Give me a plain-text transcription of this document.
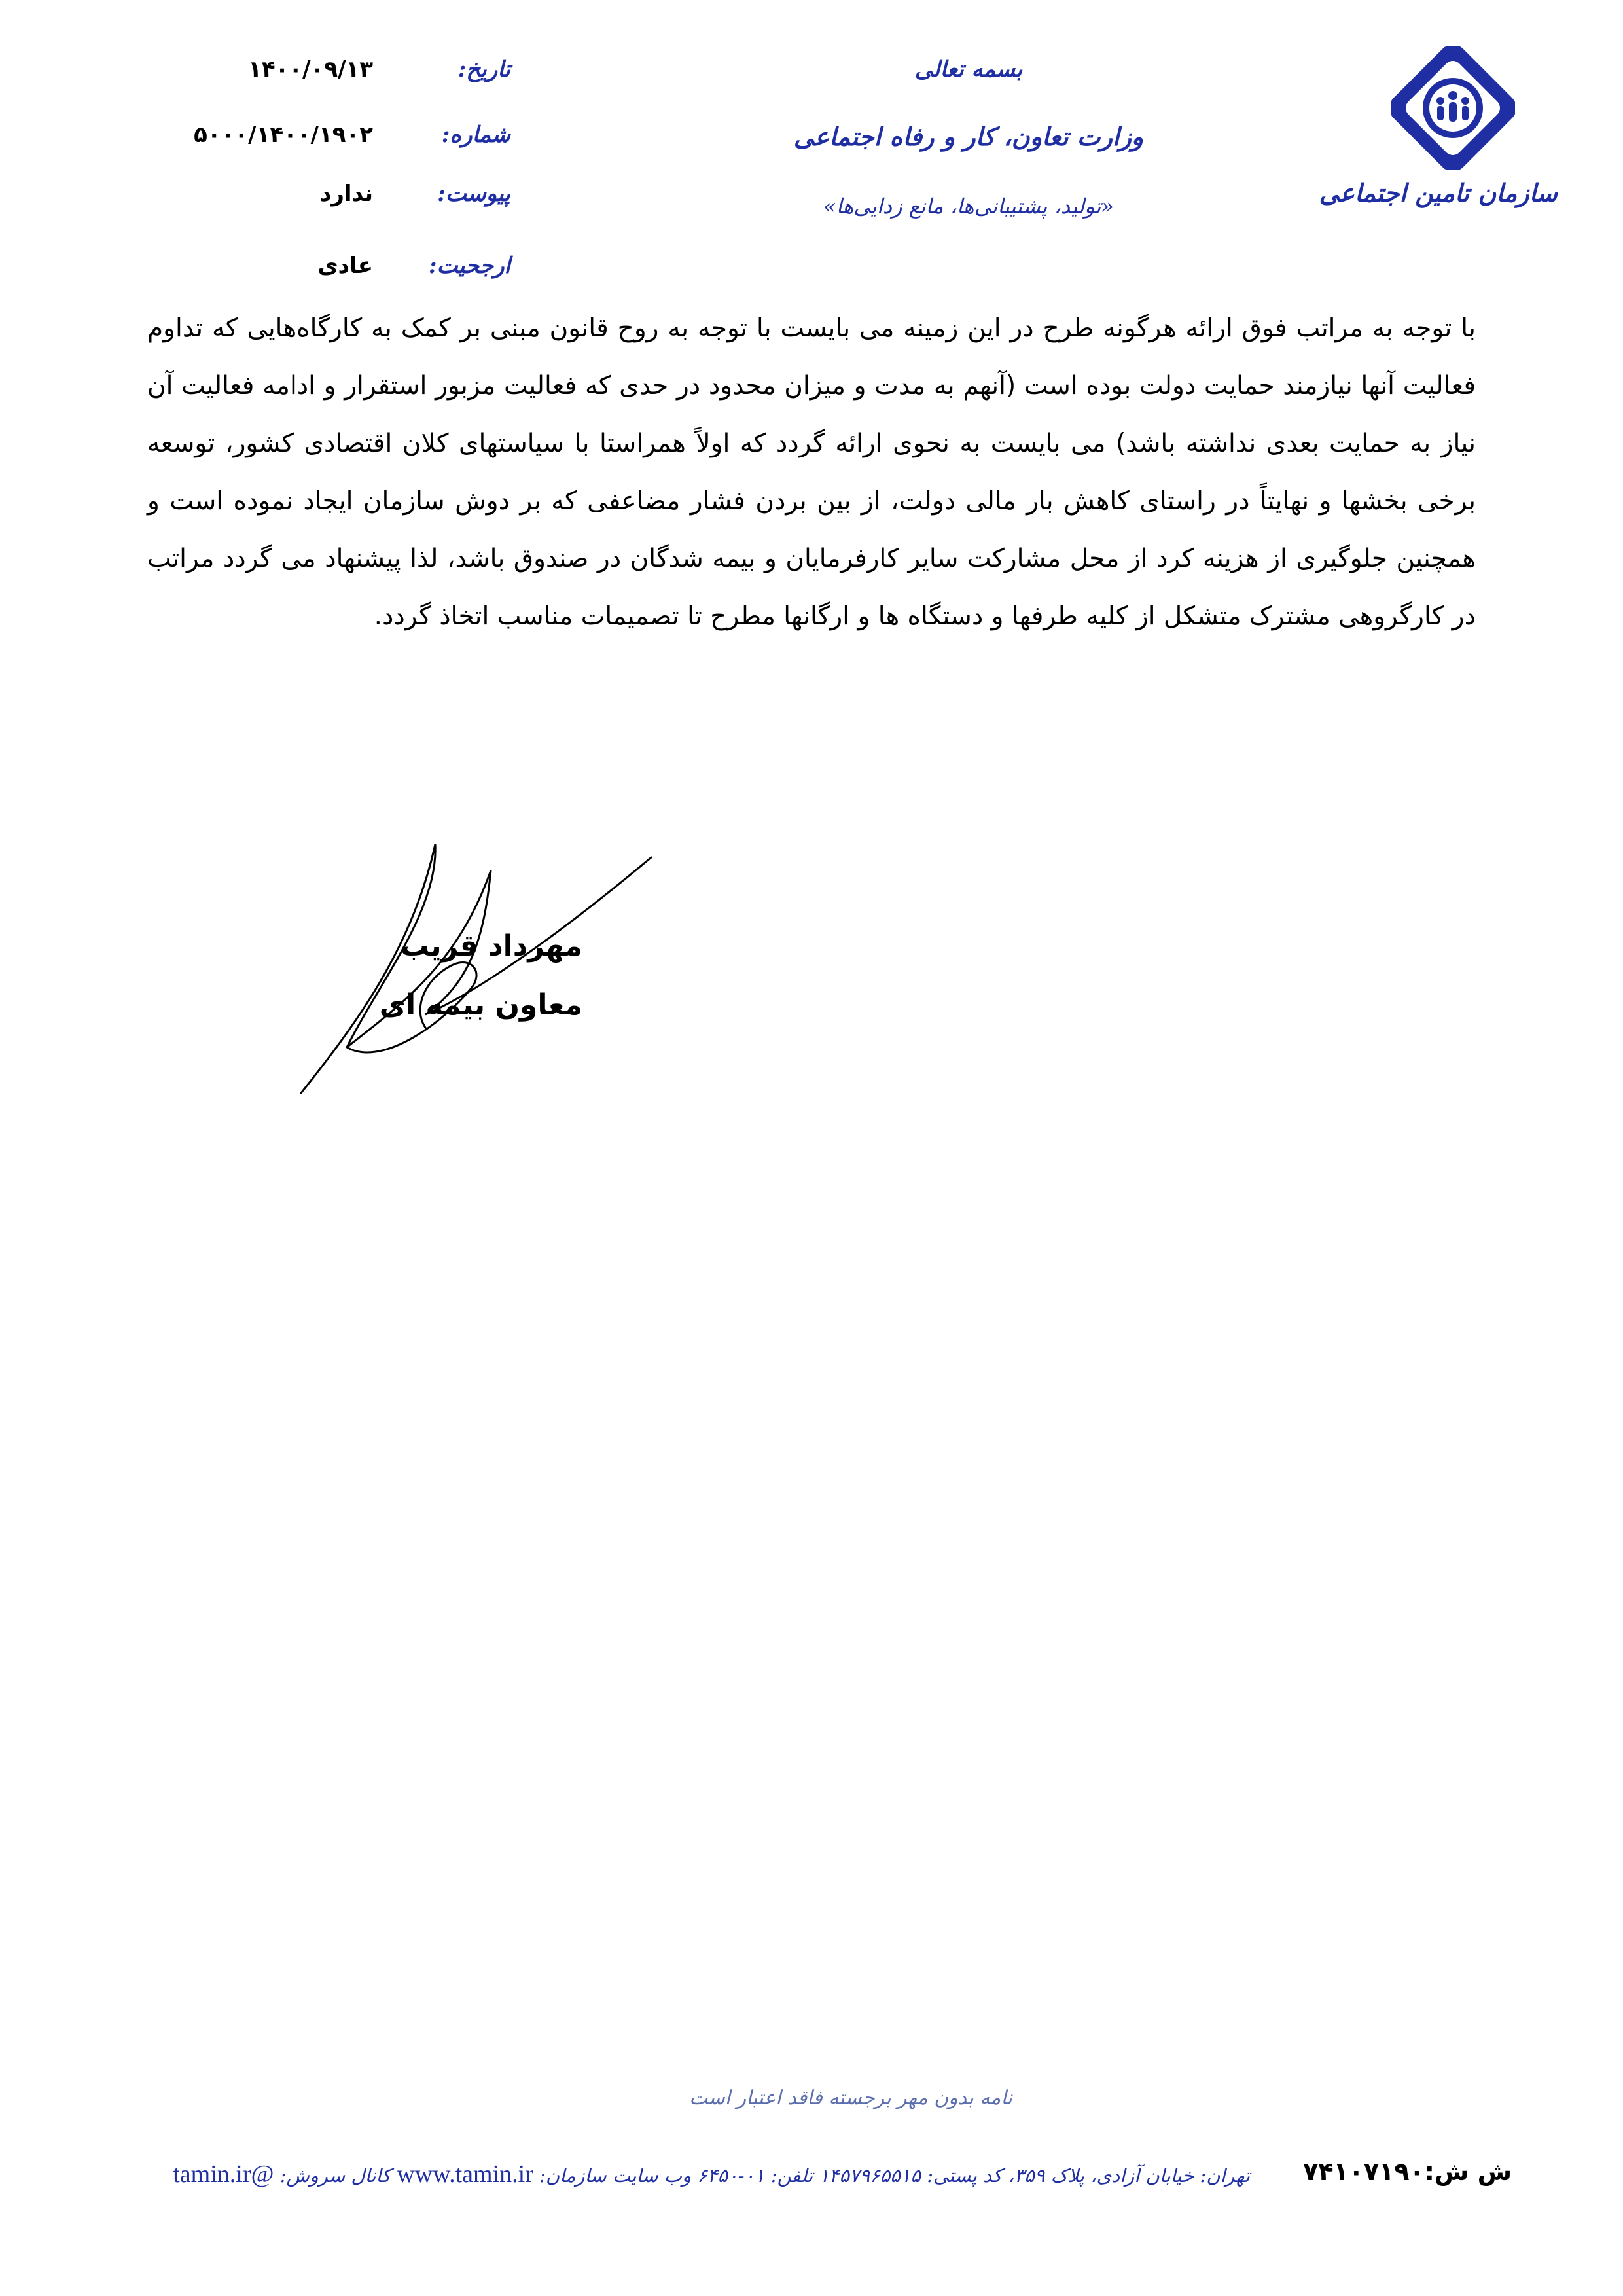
سازمان تامین اجتماعی
بسمه تعالی
وزارت تعاون، کار و رفاه اجتماعی
«تولید، پشتیبانی‌ها، مانع زدایی‌ها»
تاریخ:
۱۴۰۰/۰۹/۱۳
شماره:
۵۰۰۰/۱۴۰۰/۱۹۰۲
پیوست:
ندارد
ارجحیت:
عادی
با توجه به مراتب فوق ارائه هرگونه طرح در این زمینه می بایست با توجه به روح قانون مبنی بر کمک به کارگاه‌هایی که تداوم فعالیت آنها نیازمند حمایت دولت بوده است (آنهم به مدت و میزان محدود در حدی که فعالیت مزبور استقرار و ادامه فعالیت آن نیاز به حمایت بعدی نداشته باشد) می بایست به نحوی ارائه گردد که اولاً همراستا با سیاستهای کلان اقتصادی کشور، توسعه برخی بخشها و نهایتاً در راستای کاهش بار مالی دولت، از بین بردن فشار مضاعفی که بر دوش سازمان ایجاد نموده است و همچنین جلوگیری از هزینه کرد از محل مشارکت سایر کارفرمایان و بیمه شدگان در صندوق باشد، لذا پیشنهاد می گردد مراتب در کارگروهی مشترک متشکل از کلیه طرفها و دستگاه ها و ارگانها مطرح تا تصمیمات مناسب اتخاذ گردد.
مهرداد قریب
معاون بیمه ای
نامه بدون مهر برجسته فاقد اعتبار است
تهران: خیابان آزادی، پلاک ۳۵۹، کد پستی: ۱۴۵۷۹۶۵۵۱۵ تلفن: ۰۱-۶۴۵۰ وب سایت سازمان: www.tamin.ir کانال سروش: @tamin.ir	ش ش:۷۴۱۰۷۱۹۰
